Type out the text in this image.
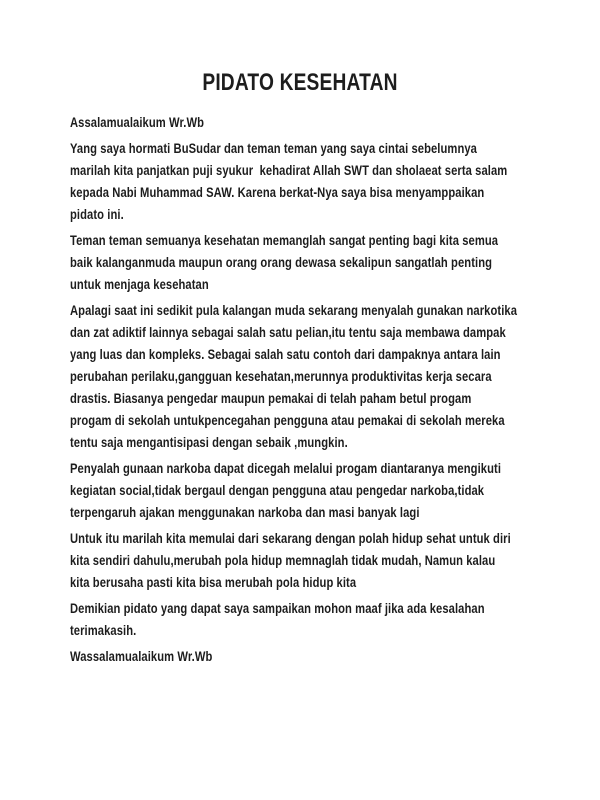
PIDATO KESEHATAN
Assalamualaikum Wr.Wb
Yang saya hormati BuSudar dan teman teman yang saya cintai sebelumnya
marilah kita panjatkan puji syukur  kehadirat Allah SWT dan sholaeat serta salam
kepada Nabi Muhammad SAW. Karena berkat-Nya saya bisa menyamppaikan
pidato ini.
Teman teman semuanya kesehatan memanglah sangat penting bagi kita semua
baik kalanganmuda maupun orang orang dewasa sekalipun sangatlah penting
untuk menjaga kesehatan
Apalagi saat ini sedikit pula kalangan muda sekarang menyalah gunakan narkotika
dan zat adiktif lainnya sebagai salah satu pelian,itu tentu saja membawa dampak
yang luas dan kompleks. Sebagai salah satu contoh dari dampaknya antara lain
perubahan perilaku,gangguan kesehatan,merunnya produktivitas kerja secara
drastis. Biasanya pengedar maupun pemakai di telah paham betul progam
progam di sekolah untukpencegahan pengguna atau pemakai di sekolah mereka
tentu saja mengantisipasi dengan sebaik ,mungkin.
Penyalah gunaan narkoba dapat dicegah melalui progam diantaranya mengikuti
kegiatan social,tidak bergaul dengan pengguna atau pengedar narkoba,tidak
terpengaruh ajakan menggunakan narkoba dan masi banyak lagi
Untuk itu marilah kita memulai dari sekarang dengan polah hidup sehat untuk diri
kita sendiri dahulu,merubah pola hidup memnaglah tidak mudah, Namun kalau
kita berusaha pasti kita bisa merubah pola hidup kita
Demikian pidato yang dapat saya sampaikan mohon maaf jika ada kesalahan
terimakasih.
Wassalamualaikum Wr.Wb
